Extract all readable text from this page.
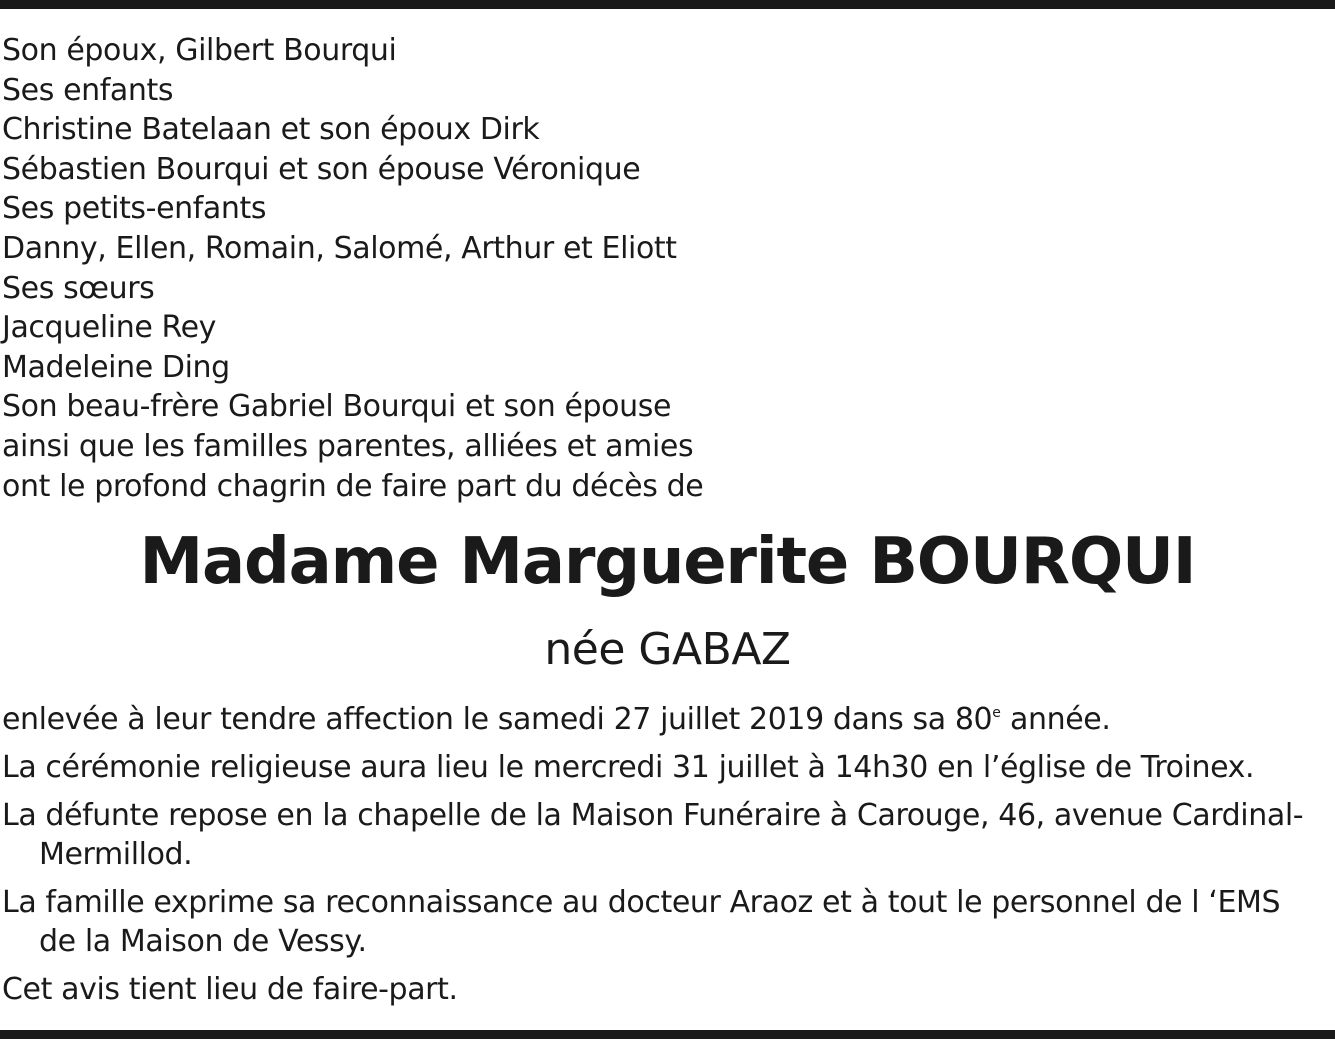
Son époux, Gilbert Bourqui
Ses enfants
Christine Batelaan et son époux Dirk
Sébastien Bourqui et son épouse Véronique
Ses petits-enfants
Danny, Ellen, Romain, Salomé, Arthur et Eliott
Ses sœurs
Jacqueline Rey
Madeleine Ding
Son beau-frère Gabriel Bourqui et son épouse
ainsi que les familles parentes, alliées et amies
ont le profond chagrin de faire part du décès de
Madame Marguerite BOURQUI
née GABAZ

enlevée à leur tendre affection le samedi 27 juillet 2019 dans sa 80e année.

La cérémonie religieuse aura lieu le mercredi 31 juillet à 14h30 en l’église de Troinex.

La défunte repose en la chapelle de la Maison Funéraire à Carouge, 46, avenue Cardinal-
Mermillod.

La famille exprime sa reconnaissance au docteur Araoz et à tout le personnel de l ‘EMS
de la Maison de Vessy.

Cet avis tient lieu de faire-part.
